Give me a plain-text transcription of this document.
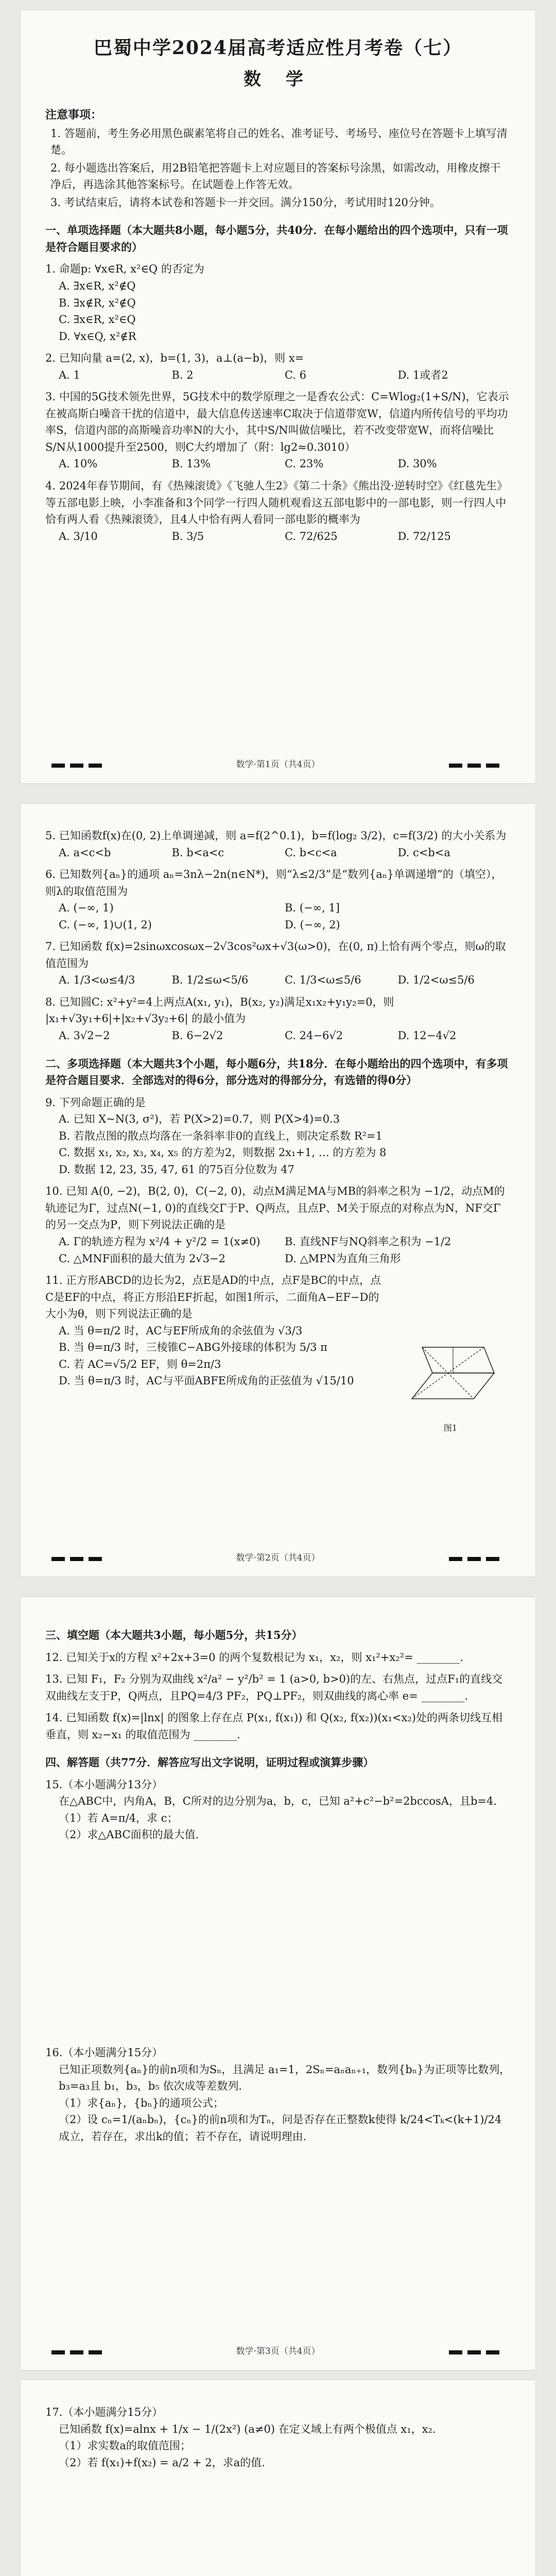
巴蜀中学2024届高考适应性月考卷（七）
数 学
注意事项：
1. 答题前，考生务必用黑色碳素笔将自己的姓名、准考证号、考场号、座位号在答题卡上填写清楚。
2. 每小题选出答案后，用2B铅笔把答题卡上对应题目的答案标号涂黑，如需改动，用橡皮擦干净后，再选涂其他答案标号。在试题卷上作答无效。
3. 考试结束后，请将本试卷和答题卡一并交回。满分150分，考试用时120分钟。
一、单项选择题（本大题共8小题，每小题5分，共40分．在每小题给出的四个选项中，只有一项是符合题目要求的）
1. 命题p: ∀x∈R, x²∈Q 的否定为
A. ∃x∈R, x²∉Q
B. ∃x∉R, x²∉Q
C. ∃x∈R, x²∈Q
D. ∀x∈Q, x²∉R
2. 已知向量 a=(2, x)，b=(1, 3)，a⊥(a−b)，则 x=
A. 1	B. 2	C. 6	D. 1或者2
3. 中国的5G技术领先世界，5G技术中的数学原理之一是香农公式：C=Wlog₂(1+S/N)，它表示在被高斯白噪音干扰的信道中，最大信息传送速率C取决于信道带宽W，信道内所传信号的平均功率S，信道内部的高斯噪音功率N的大小，其中S/N叫做信噪比，若不改变带宽W，而将信噪比S/N从1000提升至2500，则C大约增加了（附：lg2≈0.3010）
A. 10%	B. 13%	C. 23%	D. 30%
4. 2024年春节期间，有《热辣滚烫》《飞驰人生2》《第二十条》《熊出没·逆转时空》《红毯先生》等五部电影上映，小李准备和3个同学一行四人随机观看这五部电影中的一部电影，则一行四人中恰有两人看《热辣滚烫》，且4人中恰有两人看同一部电影的概率为
A. 3/10	B. 3/5	C. 72/625	D. 72/125
数学·第1页（共4页）
5. 已知函数f(x)在(0, 2)上单调递减，则 a=f(2^0.1)，b=f(log₂ 3/2)，c=f(3/2) 的大小关系为
A. a<c<b	B. b<a<c	C. b<c<a	D. c<b<a
6. 已知数列{aₙ}的通项 aₙ=3nλ−2n(n∈N*)，则“λ≤2/3”是“数列{aₙ}单调递增”的（填空），则λ的取值范围为
A. (−∞, 1)	B. (−∞, 1]
C. (−∞, 1)∪(1, 2)	D. (−∞, 2)
7. 已知函数 f(x)=2sinωxcosωx−2√3cos²ωx+√3(ω>0)，在(0, π)上恰有两个零点，则ω的取值范围为
A. 1/3<ω≤4/3	B. 1/2≤ω<5/6	C. 1/3<ω≤5/6	D. 1/2<ω≤5/6
8. 已知圆C: x²+y²=4上两点A(x₁, y₁)，B(x₂, y₂)满足x₁x₂+y₁y₂=0，则 |x₁+√3y₁+6|+|x₂+√3y₂+6| 的最小值为
A. 3√2−2	B. 6−2√2	C. 24−6√2	D. 12−4√2
二、多项选择题（本大题共3个小题，每小题6分，共18分．在每小题给出的四个选项中，有多项是符合题目要求．全部选对的得6分，部分选对的得部分分，有选错的得0分）
9. 下列命题正确的是
A. 已知 X~N(3, σ²)，若 P(X>2)=0.7，则 P(X>4)=0.3
B. 若散点图的散点均落在一条斜率非0的直线上，则决定系数 R²=1
C. 数据 x₁, x₂, x₃, x₄, x₅ 的方差为2，则数据 2x₁+1, … 的方差为 8
D. 数据 12, 23, 35, 47, 61 的75百分位数为 47
10. 已知 A(0, −2)，B(2, 0)，C(−2, 0)，动点M满足MA与MB的斜率之积为 −1/2，动点M的轨迹记为Γ，过点N(−1, 0)的直线交Γ于P、Q两点，且点P、M关于原点的对称点为N，NF交Γ的另一交点为P，则下列说法正确的是
A. Γ的轨迹方程为 x²/4 + y²/2 = 1(x≠0)	B. 直线NF与NQ斜率之积为 −1/2
C. △MNF面积的最大值为 2√3−2	D. △MPN为直角三角形
11. 正方形ABCD的边长为2，点E是AD的中点，点F是BC的中点，点C是EF的中点，将正方形沿EF折起，如图1所示，二面角A−EF−D的大小为θ，则下列说法正确的是
A. 当 θ=π/2 时，AC与EF所成角的余弦值为 √3/3
B. 当 θ=π/3 时，三棱锥C−ABG外接球的体积为 5/3 π
C. 若 AC=√5/2 EF，则 θ=2π/3
D. 当 θ=π/3 时，AC与平面ABFE所成角的正弦值为 √15/10
图1
数学·第2页（共4页）
三、填空题（本大题共3小题，每小题5分，共15分）
12. 已知关于x的方程 x²+2x+3=0 的两个复数根记为 x₁，x₂，则 x₁²+x₂²= ________．
13. 已知 F₁，F₂ 分别为双曲线 x²/a² − y²/b² = 1 (a>0, b>0)的左、右焦点，过点F₁的直线交双曲线左支于P，Q两点，且PQ=4/3 PF₂，PQ⊥PF₂，则双曲线的离心率 e= ________．
14. 已知函数 f(x)=|lnx| 的图象上存在点 P(x₁, f(x₁)) 和 Q(x₂, f(x₂))(x₁<x₂)处的两条切线互相垂直，则 x₂−x₁ 的取值范围为 ________．
四、解答题（共77分．解答应写出文字说明，证明过程或演算步骤）
15.（本小题满分13分）
在△ABC中，内角A，B，C所对的边分别为a，b，c，已知 a²+c²−b²=2bccosA，且b=4.
（1）若 A=π/4，求 c；
（2）求△ABC面积的最大值．
16.（本小题满分15分）
已知正项数列{aₙ}的前n项和为Sₙ，且满足 a₁=1，2Sₙ=aₙaₙ₊₁，数列{bₙ}为正项等比数列，b₃=a₃且 b₁，b₃，b₅ 依次成等差数列．
（1）求{aₙ}，{bₙ}的通项公式；
（2）设 cₙ=1/(aₙbₙ)，{cₙ}的前n项和为Tₙ，问是否存在正整数k使得 k/24<Tₖ<(k+1)/24 成立，若存在，求出k的值；若不存在，请说明理由．
数学·第3页（共4页）
17.（本小题满分15分）
已知函数 f(x)=alnx + 1/x − 1/(2x²) (a≠0) 在定义域上有两个极值点 x₁，x₂．
（1）求实数a的取值范围；
（2）若 f(x₁)+f(x₂) = a/2 + 2，求a的值．
